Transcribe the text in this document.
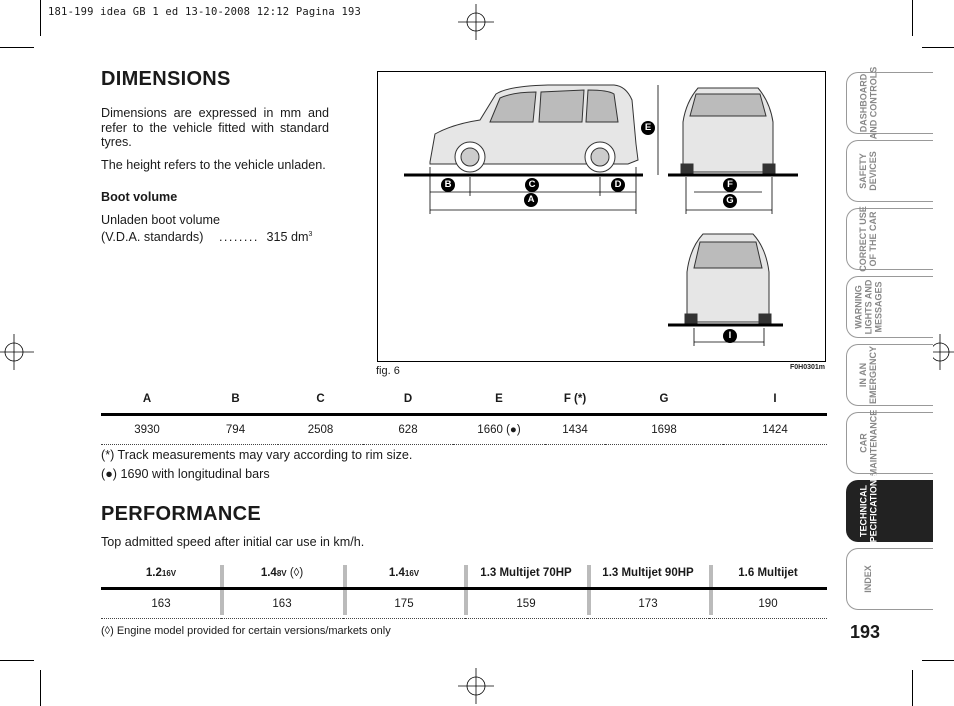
181-199 idea GB 1 ed 13-10-2008 12:12 Pagina 193
DIMENSIONS

Dimensions are expressed in mm and refer to the vehicle fitted with standard tyres.

The height refers to the vehicle unladen.

Boot volume

Unladen boot volume

(V.D.A. standards) ........ 315 $dm^3$
B	C	D
A
E
F
G
I
fig. 6	F0H0301m
A	B	C	D	E	F (*)	G	I
3930	794	2508	628	1660 (●)	1434	1698	1424
(*) Track measurements may vary according to rim size.
(●) 1690 with longitudinal bars
PERFORMANCE
Top admitted speed after initial car use in km/h.
1.216V	1.48V (◊)	1.416V	1.3 Multijet 70HP	1.3 Multijet 90HP	1.6 Multijet
163	163	175	159	173	190
(◊) Engine model provided for certain versions/markets only
DASHBOARD
AND CONTROLS
SAFETY
DEVICES
CORRECT USE
OF THE CAR
WARNING
LIGHTS AND
MESSAGES
IN AN
EMERGENCY
CAR
MAINTENANCE
TECHNICAL
SPECIFICATIONS
INDEX
193
